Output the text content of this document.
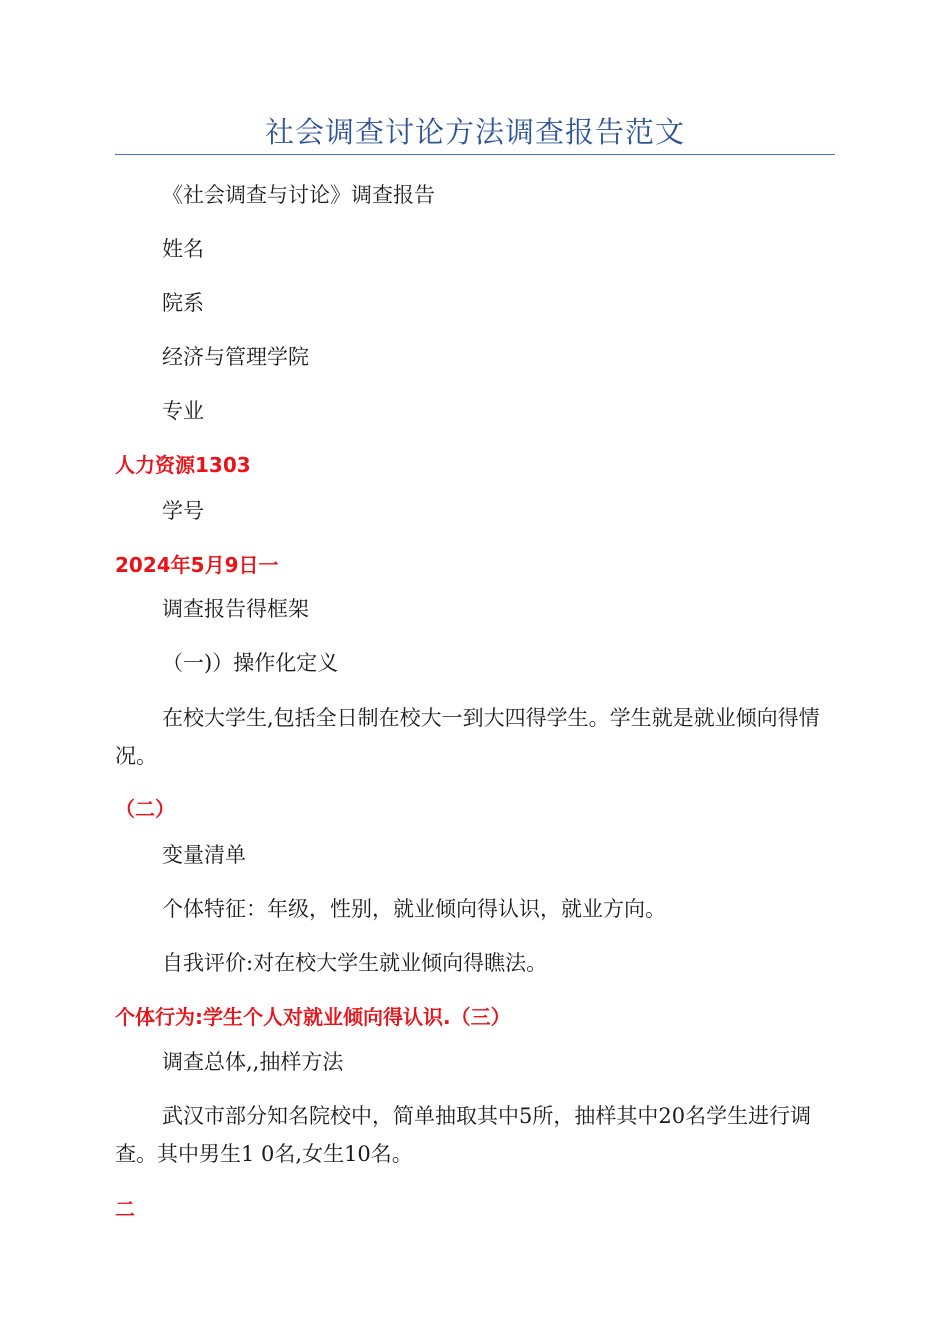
社会调查讨论方法调查报告范文
《社会调查与讨论》调查报告
姓名
院系
经济与管理学院
专业
人力资源1303
学号
2024年5月9日一
调查报告得框架
（一)）操作化定义
在校大学生,包括全日制在校大一到大四得学生。学生就是就业倾向得情况。
（二）
变量清单
个体特征：年级，性别，就业倾向得认识，就业方向。
自我评价:对在校大学生就业倾向得瞧法。
个体行为:学生个人对就业倾向得认识.（三）
调查总体,,抽样方法
武汉市部分知名院校中，简单抽取其中5所，抽样其中20名学生进行调查。其中男生1 0名,女生10名。
二
